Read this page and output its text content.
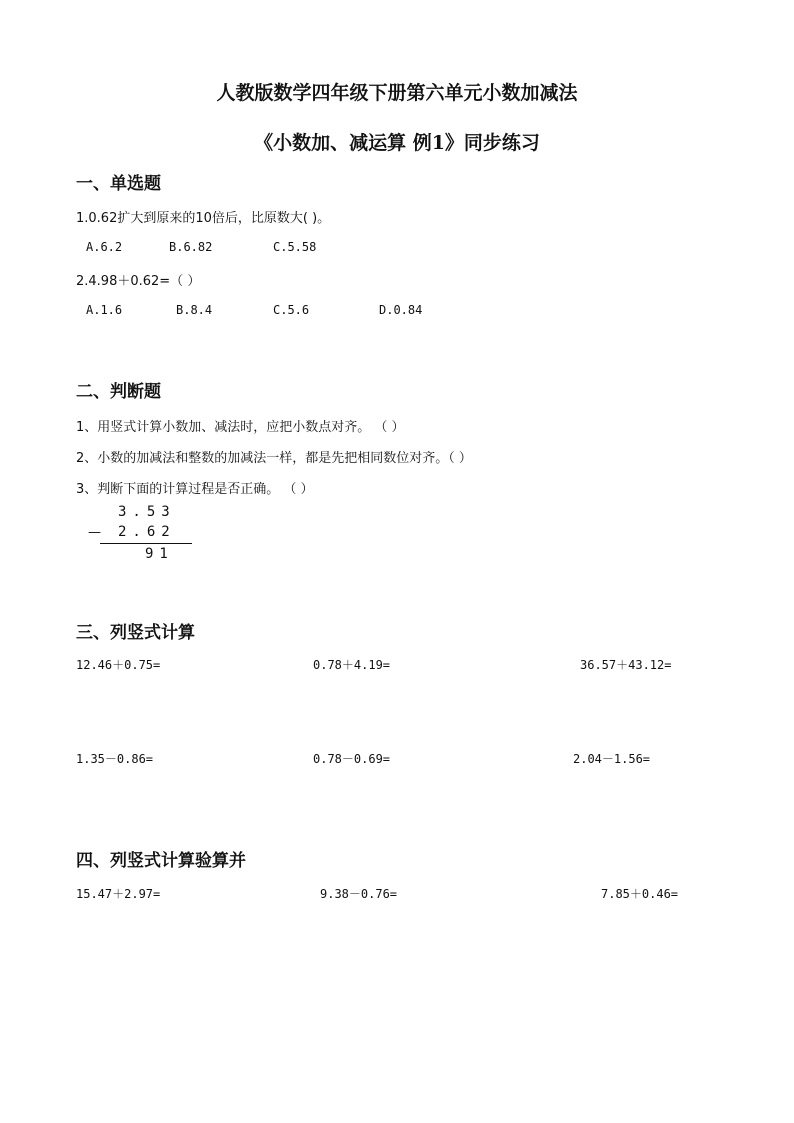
人教版数学四年级下册第六单元小数加减法
《小数加、减运算 例1》同步练习
一、单选题
1.0.62扩大到原来的10倍后，比原数大( )。
A.6.2	B.6.82	C.5.58
2.4.98＋0.62=（ ）
A.1.6	B.8.4	C.5.6	D.0.84
二、判断题
1、用竖式计算小数加、减法时，应把小数点对齐。 （ ）
2、小数的加减法和整数的加减法一样，都是先把相同数位对齐。（ ）
3、判断下面的计算过程是否正确。 （ ）
3.53
— 2.62
91
三、列竖式计算
12.46＋0.75=	0.78＋4.19=	36.57＋43.12=
1.35－0.86=	0.78－0.69=	2.04－1.56=
四、列竖式计算验算并
15.47＋2.97=	9.38－0.76=	7.85＋0.46=
